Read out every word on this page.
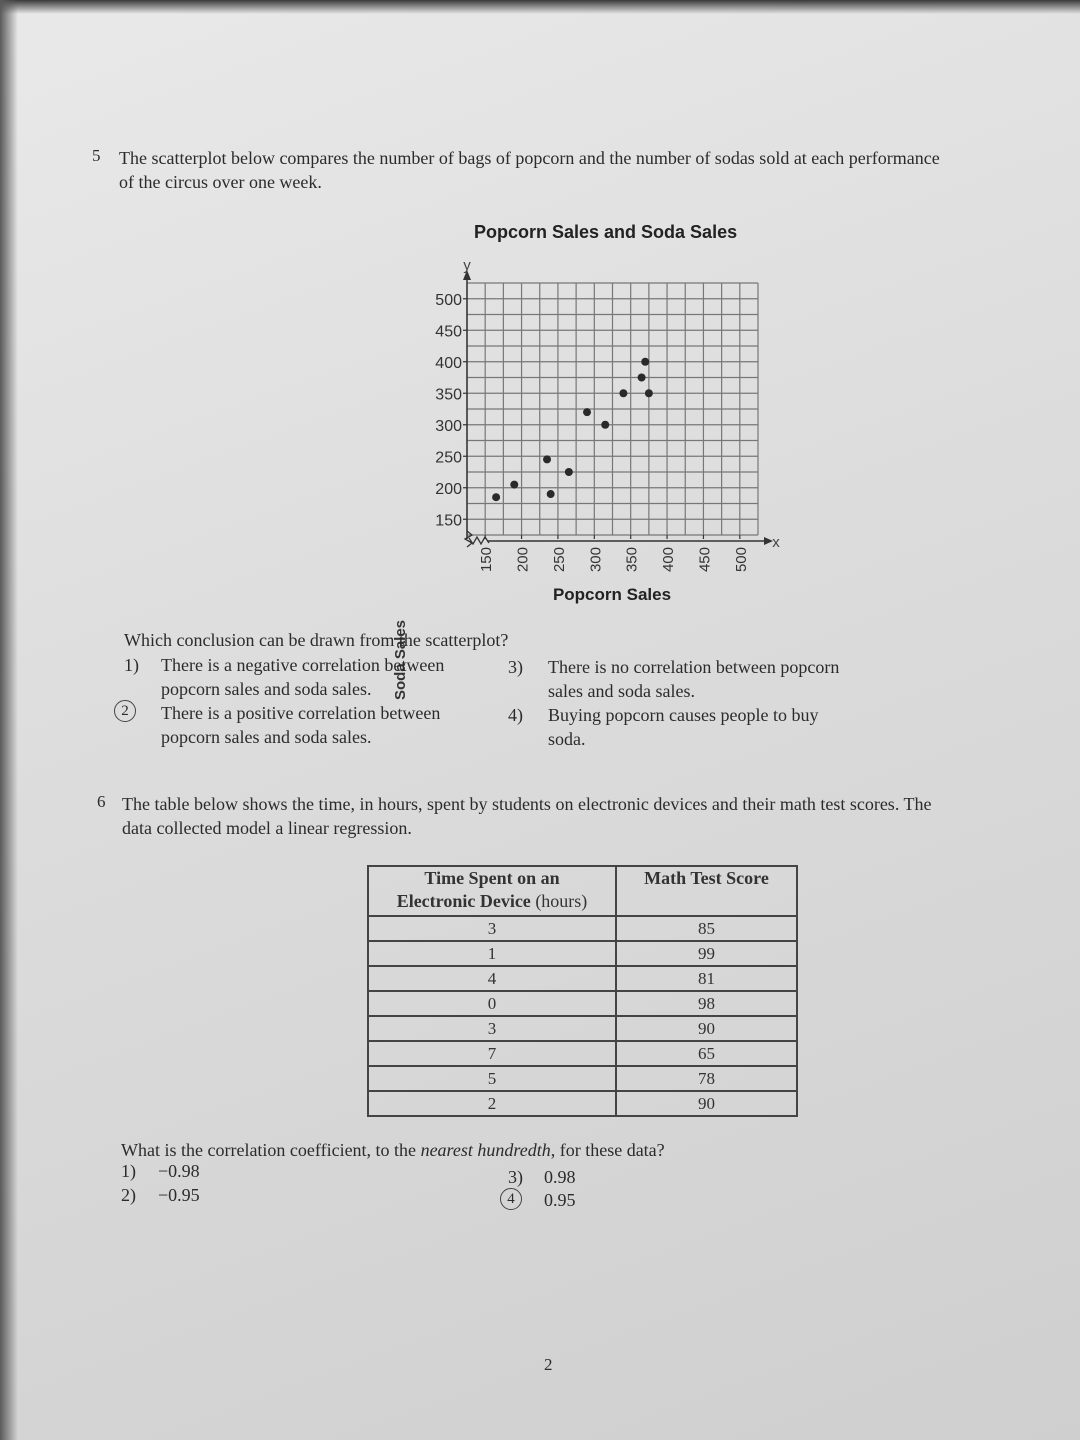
5 The scatterplot below compares the number of bags of popcorn and the number of sodas sold at each performance
of the circus over one week.
Popcorn Sales and Soda Sales
150
200
250
300
350
400
450
500
150 200 250 300 350 400 450 500
Soda Sales
Popcorn Sales
y
x
Which conclusion can be drawn from the scatterplot?
1) There is a negative correlation between
popcorn sales and soda sales.
2	There is a positive correlation between
popcorn sales and soda sales.
3) There is no correlation between popcorn
sales and soda sales.
4) Buying popcorn causes people to buy
soda.
6 The table below shows the time, in hours, spent by students on electronic devices and their math test scores. The
data collected model a linear regression.
Time Spent on an
Electronic Device (hours)	Math Test Score
3	85
1	99
4	81
0	98
3	90
7	65
5	78
2	90
What is the correlation coefficient, to the nearest hundredth, for these data?
1) −0.98
2) −0.95
3) 0.98
4	0.95
2
